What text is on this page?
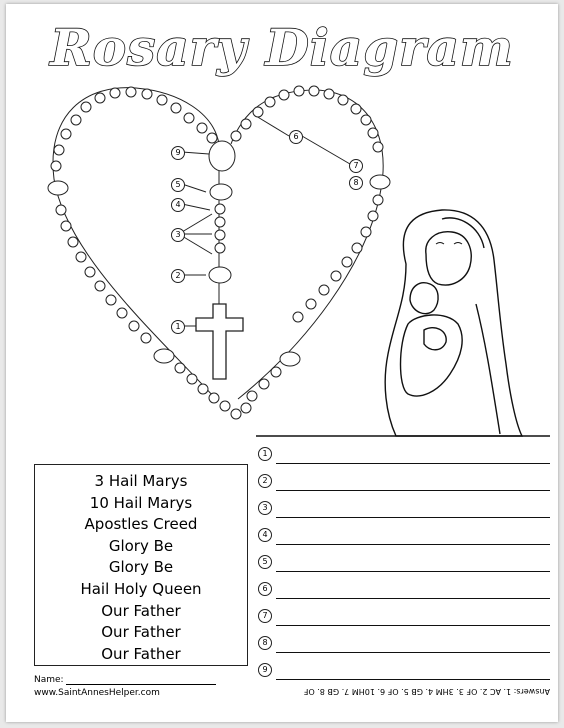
Rosary Diagram
9
5
4
3
2
1
6
7
8
3 Hail Marys
10 Hail Marys
Apostles Creed
Glory Be
Glory Be
Hail Holy Queen
Our Father
Our Father
Our Father
1
2
3
4
5
6
7
8
9
Name:
www.SaintAnnesHelper.com	Answers: 1. AC 2. OF 3. 3HM 4. GB 5. OF 6. 10HM 7. GB 8. OF
